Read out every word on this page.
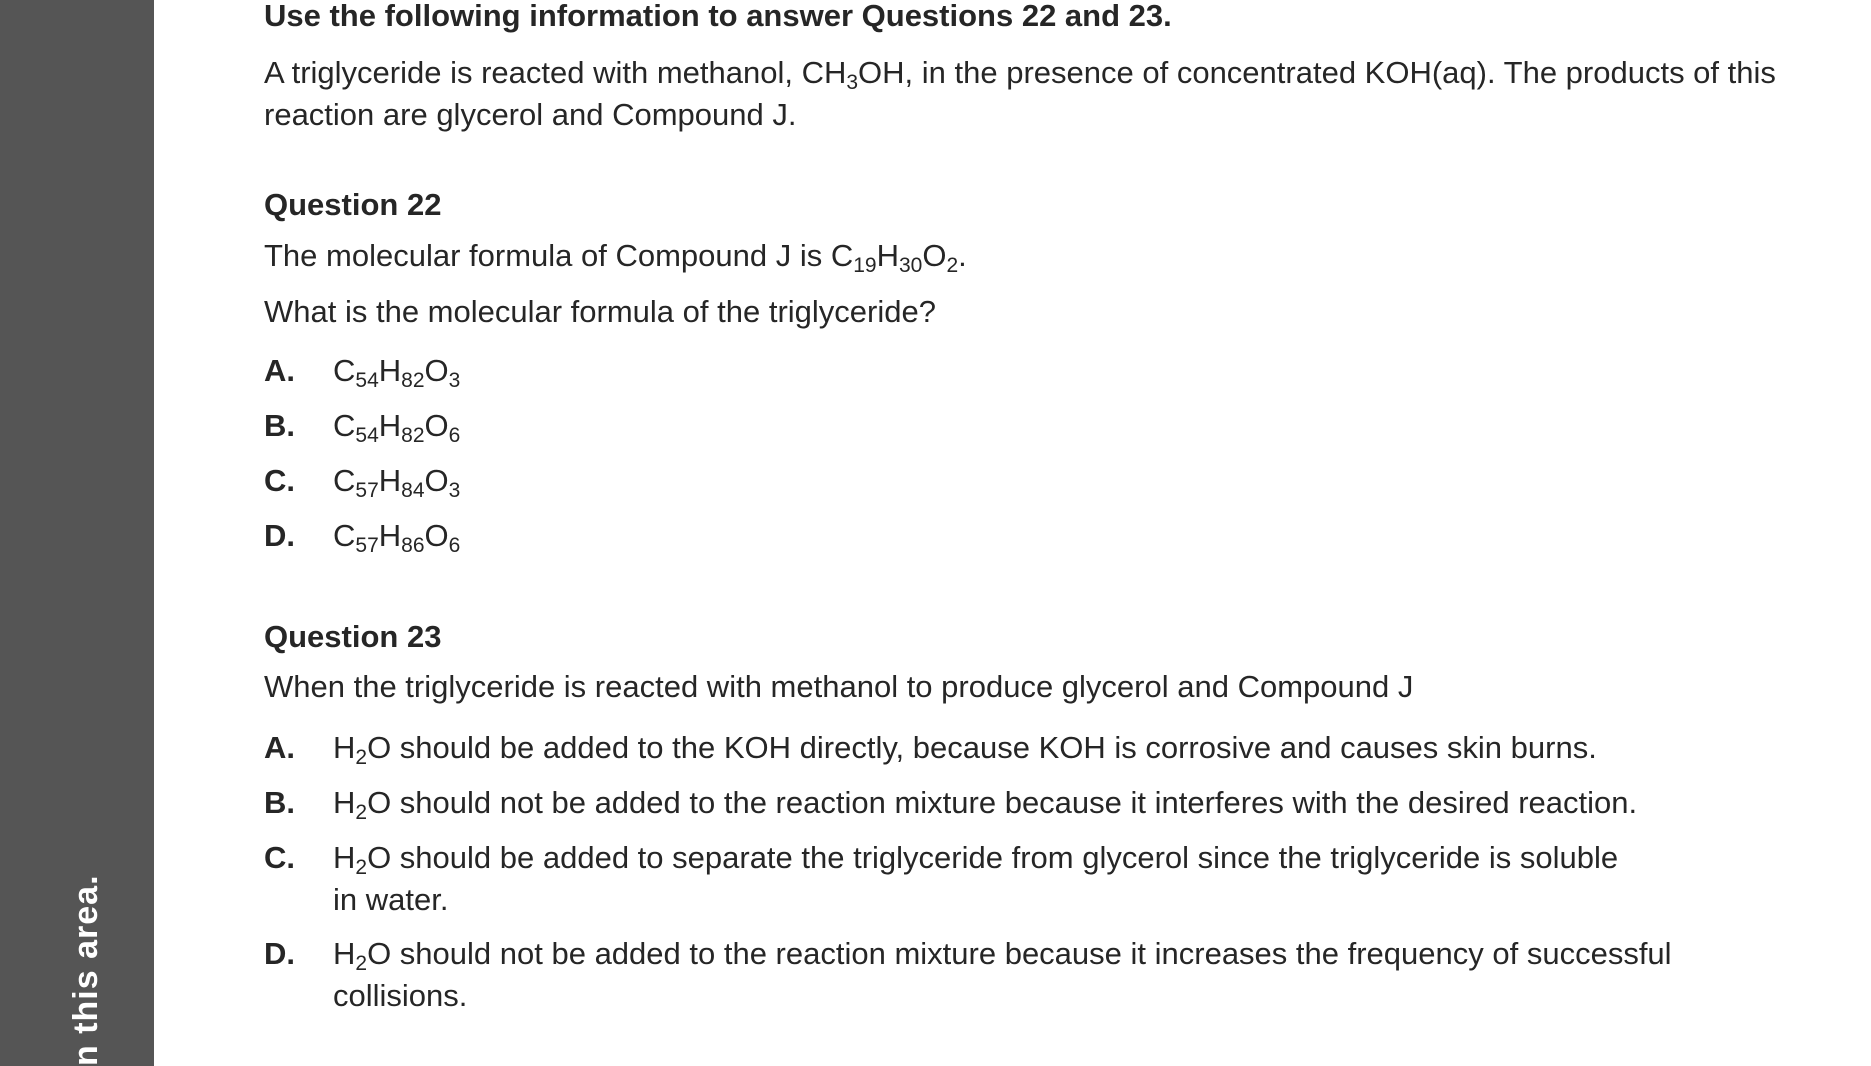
n this area.
Use the following information to answer Questions 22 and 23.
A triglyceride is reacted with methanol, $CH_3OH$, in the presence of concentrated KOH(aq). The products of this reaction are glycerol and Compound J.
Question 22
The molecular formula of Compound J is $C_{19}H_{30}O_2$.
What is the molecular formula of the triglyceride?
A.	$C_{54}H_{82}O_3$
B.	$C_{54}H_{82}O_6$
C.	$C_{57}H_{84}O_3$
D.	$C_{57}H_{86}O_6$
Question 23
When the triglyceride is reacted with methanol to produce glycerol and Compound J
A.	$H_2O$ should be added to the KOH directly, because KOH is corrosive and causes skin burns.
B.	$H_2O$ should not be added to the reaction mixture because it interferes with the desired reaction.
C.	$H_2O$ should be added to separate the triglyceride from glycerol since the triglyceride is soluble in water.
D.	$H_2O$ should not be added to the reaction mixture because it increases the frequency of successful collisions.
